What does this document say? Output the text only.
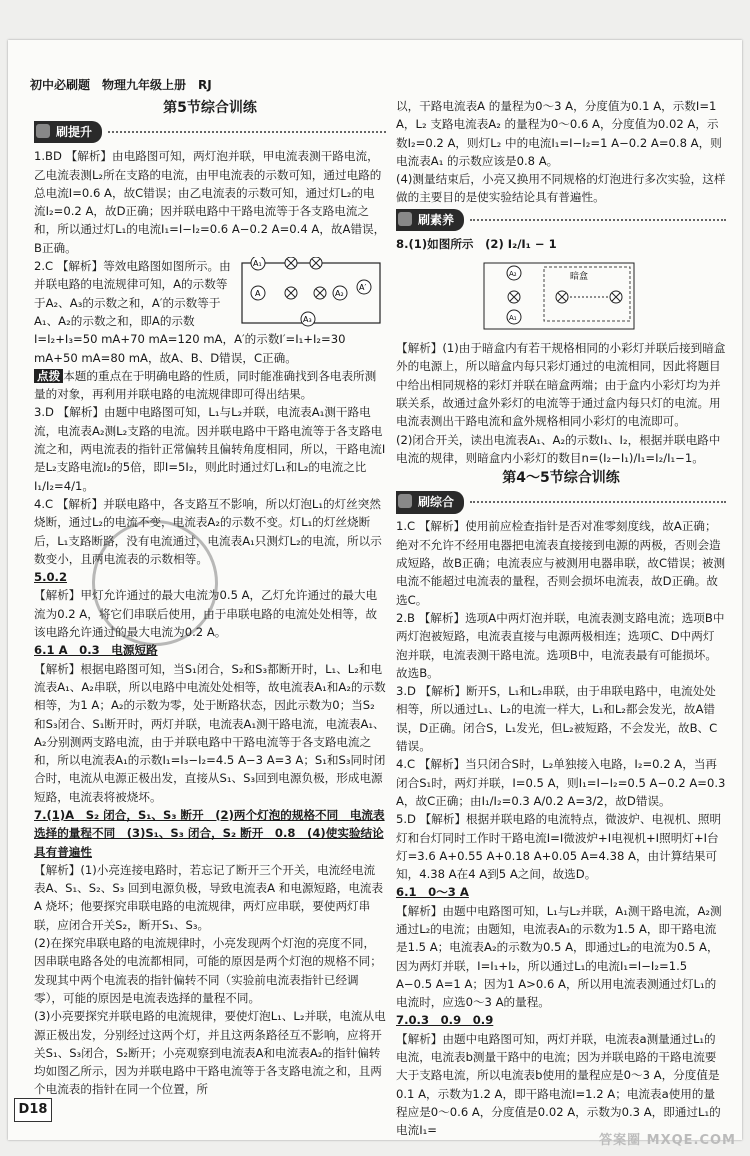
初中必刷题　物理九年级上册　RJ
第5节综合训练
刷提升

1.BD 【解析】由电路图可知，两灯泡并联，甲电流表测干路电流，乙电流表测L₂所在支路的电流，由甲电流表的示数可知，通过电路的总电流I=0.6 A，故C错误；由乙电流表的示数可知，通过灯L₂的电流I₂=0.2 A，故D正确；因并联电路中干路电流等于各支路电流之和，所以通过灯L₁的电流I₁=I−I₂=0.6 A−0.2 A=0.4 A，故A错误，B正确。

A₁
A′
A	A₂
A₃

2.C 【解析】等效电路图如图所示。由并联电路的电流规律可知，A的示数等于A₂、A₃的示数之和，A′的示数等于A₁、A₂的示数之和，即A的示数I=I₂+I₃=50 mA+70 mA=120 mA，A′的示数I′=I₁+I₂=30 mA+50 mA=80 mA，故A、B、D错误，C正确。

点拨 本题的重点在于明确电路的性质，同时能准确找到各电表所测量的对象，再利用并联电路的电流规律即可得出结果。

3.D 【解析】由题中电路图可知，L₁与L₂并联，电流表A₁测干路电流，电流表A₂测L₂支路的电流。因并联电路中干路电流等于各支路电流之和，两电流表的指针正常偏转且偏转角度相同，所以，干路电流I是L₂支路电流I₂的5倍，即I=5I₂，则此时通过灯L₁和L₂的电流之比I₁/I₂=4/1。

4.C 【解析】并联电路中，各支路互不影响，所以灯泡L₁的灯丝突然烧断，通过L₂的电流不变，电流表A₂的示数不变。灯L₁的灯丝烧断后，L₁支路断路，没有电流通过，电流表A₁只测灯L₂的电流，所以示数变小，且两电流表的示数相等。

5.0.2

【解析】甲灯允许通过的最大电流为0.5 A，乙灯允许通过的最大电流为0.2 A，将它们串联后使用，由于串联电路的电流处处相等，故该电路允许通过的最大电流为0.2 A。

6.1 A　0.3　电源短路

【解析】根据电路图可知，当S₁闭合，S₂和S₃都断开时，L₁、L₂和电流表A₁、A₂串联，所以电路中电流处处相等，故电流表A₁和A₂的示数相等，为1 A；A₂的示数为零，处于断路状态，因此示数为0；当S₂和S₃闭合、S₁断开时，两灯并联，电流表A₁测干路电流，电流表A₁、A₂分别测两支路电流，由于并联电路中干路电流等于各支路电流之和，所以电流表A₁的示数I₁=I₃−I₂=4.5 A−3 A=3 A；S₁和S₃同时闭合时，电流从电源正极出发，直接从S₁、S₃回到电源负极，形成电源短路，电流表将被烧坏。

7.(1)A　S₂ 闭合，S₁、S₃ 断开　(2)两个灯泡的规格不同　电流表选择的量程不同　(3)S₁、S₃ 闭合，S₂ 断开　0.8　(4)使实验结论具有普遍性

【解析】(1)小亮连接电路时，若忘记了断开三个开关，电流经电流表A、S₁、S₂、S₃ 回到电源负极，导致电流表A 和电源短路，电流表A 烧坏；他要探究串联电路的电流规律，两灯应串联，要使两灯串联，应闭合开关S₂，断开S₁、S₃。

(2)在探究串联电路的电流规律时，小亮发现两个灯泡的亮度不同，因串联电路各处的电流都相同，可能的原因是两个灯泡的规格不同；发现其中两个电流表的指针偏转不同（实验前电流表指针已经调零），可能的原因是电流表选择的量程不同。

(3)小亮要探究并联电路的电流规律，要使灯泡L₁、L₂并联，电流从电源正极出发，分别经过这两个灯，并且这两条路径互不影响，应将开关S₁、S₃闭合，S₂断开；小亮观察到电流表A和电流表A₂的指针偏转均如图乙所示，因为并联电路中干路电流等于各支路电流之和，且两个电流表的指针在同一个位置，所

以，干路电流表A 的量程为0～3 A，分度值为0.1 A，示数I=1 A，L₂ 支路电流表A₂ 的量程为0～0.6 A，分度值为0.02 A，示数I₂=0.2 A，则灯L₂ 中的电流I₁=I−I₂=1 A−0.2 A=0.8 A，则电流表A₁ 的示数应该是0.8 A。

(4)测量结束后，小亮又换用不同规格的灯泡进行多次实验，这样做的主要目的是使实验结论具有普遍性。

刷素养

8.(1)如图所示　(2) I₂/I₁ − 1

暗盒
A₂
A₁

【解析】(1)由于暗盒内有若干规格相同的小彩灯并联后接到暗盒外的电源上，所以暗盒内每只彩灯通过的电流相同，因此将题目中给出相同规格的彩灯并联在暗盒两端；由于盒内小彩灯均为并联关系，故通过盒外彩灯的电流等于通过盒内每只灯的电流。用电流表测出干路电流和盒外规格相同小彩灯的电流即可。

(2)闭合开关，读出电流表A₁、A₂的示数I₁、I₂，根据并联电路中电流的规律，则暗盒内小彩灯的数目n=(I₂−I₁)/I₁=I₂/I₁−1。

第4～5节综合训练
刷综合

1.C 【解析】使用前应检查指针是否对准零刻度线，故A正确；绝对不允许不经用电器把电流表直接接到电源的两极，否则会造成短路，故B正确；电流表应与被测用电器串联，故C错误；被测电流不能超过电流表的量程，否则会损坏电流表，故D正确。故选C。

2.B 【解析】选项A中两灯泡并联，电流表测支路电流；选项B中两灯泡被短路，电流表直接与电源两极相连；选项C、D中两灯泡并联，电流表测干路电流。选项B中，电流表最有可能损坏。故选B。

3.D 【解析】断开S，L₁和L₂串联，由于串联电路中，电流处处相等，所以通过L₁、L₂的电流一样大，L₁和L₂都会发光，故A错误，D正确。闭合S，L₁发光，但L₂被短路，不会发光，故B、C错误。

4.C 【解析】当只闭合S时，L₂单独接入电路，I₂=0.2 A，当再闭合S₁时，两灯并联，I=0.5 A，则I₁=I−I₂=0.5 A−0.2 A=0.3 A，故C正确；由I₁/I₂=0.3 A/0.2 A=3/2，故D错误。

5.D 【解析】根据并联电路的电流特点，微波炉、电视机、照明灯和台灯同时工作时干路电流I=I微波炉+I电视机+I照明灯+I台灯=3.6 A+0.55 A+0.18 A+0.05 A=4.38 A，由计算结果可知，4.38 A在4 A到5 A之间，故选D。

6.1　0～3 A

【解析】由题中电路图可知，L₁与L₂并联，A₁测干路电流，A₂测通过L₂的电流；由题知，电流表A₁的示数为1.5 A，即干路电流是1.5 A；电流表A₂的示数为0.5 A，即通过L₂的电流为0.5 A，因为两灯并联，I=I₁+I₂，所以通过L₁的电流I₁=I−I₂=1.5 A−0.5 A=1 A；因为1 A>0.6 A，所以用电流表测通过灯L₁的电流时，应选0～3 A的量程。

7.0.3　0.9　0.9

【解析】由题中电路图可知，两灯并联，电流表a测量通过L₁的电流，电流表b测量干路中的电流；因为并联电路的干路电流要大于支路电流，所以电流表b使用的量程应是0～3 A，分度值是0.1 A，示数为1.2 A，即干路电流I=1.2 A；电流表a使用的量程应是0～0.6 A，分度值是0.02 A，示数为0.3 A，即通过L₁的电流I₁=

D18
答案圈 MXQE.COM
